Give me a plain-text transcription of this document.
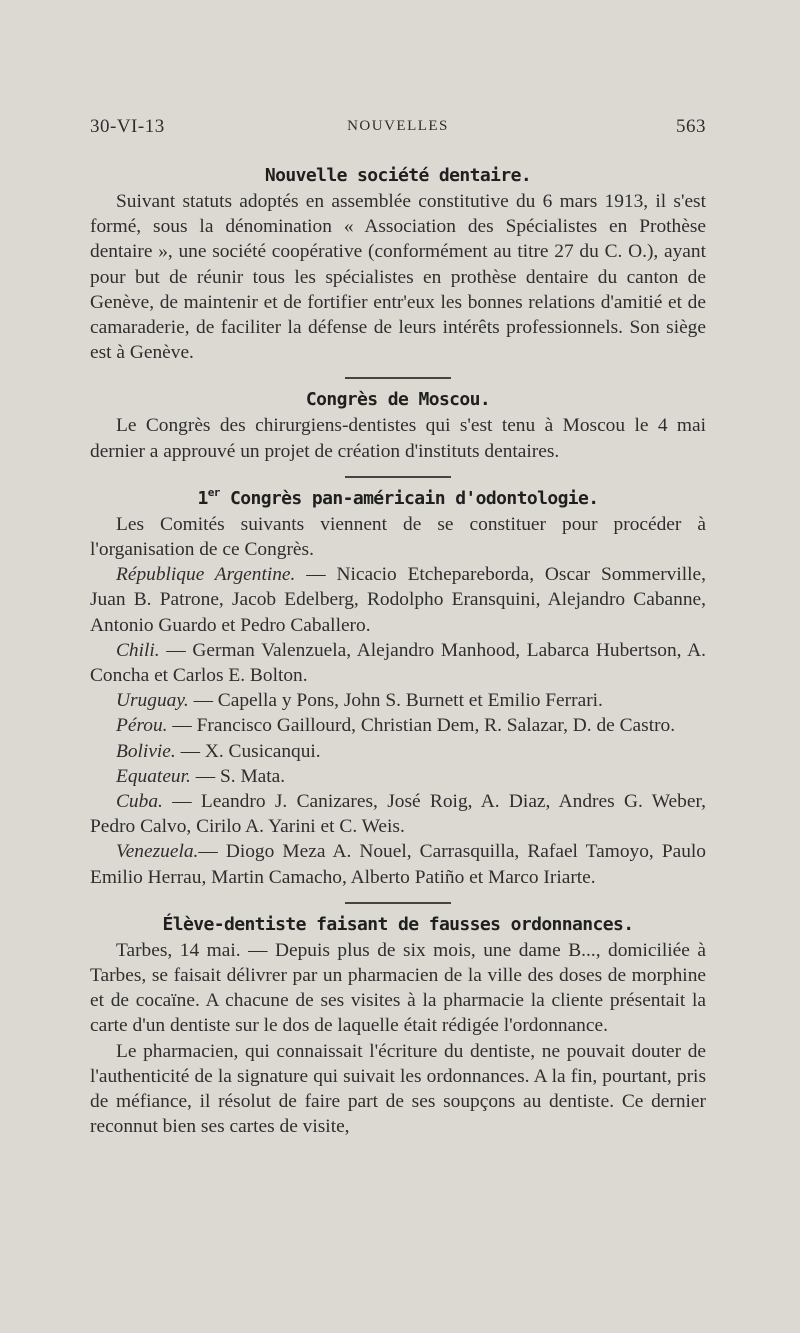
30-VI-13	NOUVELLES	563
Nouvelle société dentaire.

Suivant statuts adoptés en assemblée constitutive du 6 mars 1913, il s'est formé, sous la dénomination « Association des Spécialistes en Prothèse dentaire », une société coopérative (conformément au titre 27 du C. O.), ayant pour but de réunir tous les spécialistes en prothèse dentaire du canton de Genève, de maintenir et de fortifier entr'eux les bonnes relations d'amitié et de camaraderie, de faciliter la défense de leurs intérêts professionnels. Son siège est à Genève.

Congrès de Moscou.

Le Congrès des chirurgiens-dentistes qui s'est tenu à Moscou le 4 mai dernier a approuvé un projet de création d'instituts dentaires.

1er Congrès pan-américain d'odontologie.

Les Comités suivants viennent de se constituer pour procéder à l'organisation de ce Congrès.

République Argentine. — Nicacio Etchepareborda, Oscar Sommerville, Juan B. Patrone, Jacob Edelberg, Rodolpho Eransquini, Alejandro Cabanne, Antonio Guardo et Pedro Caballero.

Chili. — German Valenzuela, Alejandro Manhood, Labarca Hubertson, A. Concha et Carlos E. Bolton.

Uruguay. — Capella y Pons, John S. Burnett et Emilio Ferrari.

Pérou. — Francisco Gaillourd, Christian Dem, R. Salazar, D. de Castro.

Bolivie. — X. Cusicanqui.

Equateur. — S. Mata.

Cuba. — Leandro J. Canizares, José Roig, A. Diaz, Andres G. Weber, Pedro Calvo, Cirilo A. Yarini et C. Weis.

Venezuela.— Diogo Meza A. Nouel, Carrasquilla, Rafael Tamoyo, Paulo Emilio Herrau, Martin Camacho, Alberto Patiño et Marco Iriarte.

Élève-dentiste faisant de fausses ordonnances.

Tarbes, 14 mai. — Depuis plus de six mois, une dame B..., domiciliée à Tarbes, se faisait délivrer par un pharmacien de la ville des doses de morphine et de cocaïne. A chacune de ses visites à la pharmacie la cliente présentait la carte d'un dentiste sur le dos de laquelle était rédigée l'ordonnance.

Le pharmacien, qui connaissait l'écriture du dentiste, ne pouvait douter de l'authenticité de la signature qui suivait les ordonnances. A la fin, pourtant, pris de méfiance, il résolut de faire part de ses soupçons au dentiste. Ce dernier reconnut bien ses cartes de visite,
